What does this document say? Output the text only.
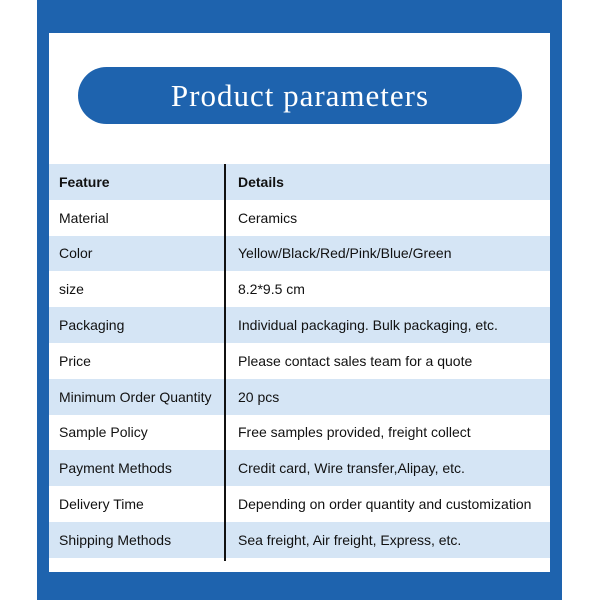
Product parameters
Feature	Details
Material	Ceramics
Color	Yellow/Black/Red/Pink/Blue/Green
size	8.2*9.5 cm
Packaging	Individual packaging. Bulk packaging, etc.
Price	Please contact sales team for a quote
Minimum Order Quantity	20 pcs
Sample Policy	Free samples provided, freight collect
Payment Methods	Credit card, Wire transfer,Alipay, etc.
Delivery Time	Depending on order quantity and customization
Shipping Methods	Sea freight, Air freight, Express, etc.
